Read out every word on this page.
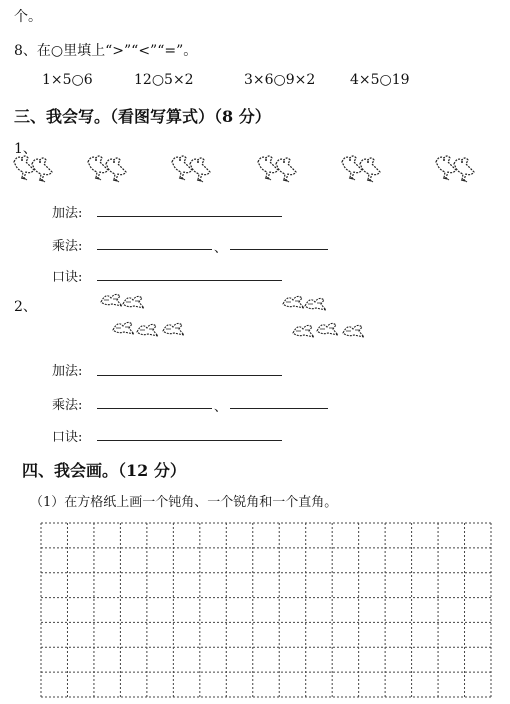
个。
8、在○里填上“>”“<”“=”。
1×5○6	12○5×2	3×6○9×2 4×5○19
三、我会写。（看图写算式）（8 分）
1、
加法:
乘法:	、
口诀:
2、
加法:
乘法:	、
口诀:
四、我会画。（12 分）
（1）在方格纸上画一个钝角、一个锐角和一个直角。
